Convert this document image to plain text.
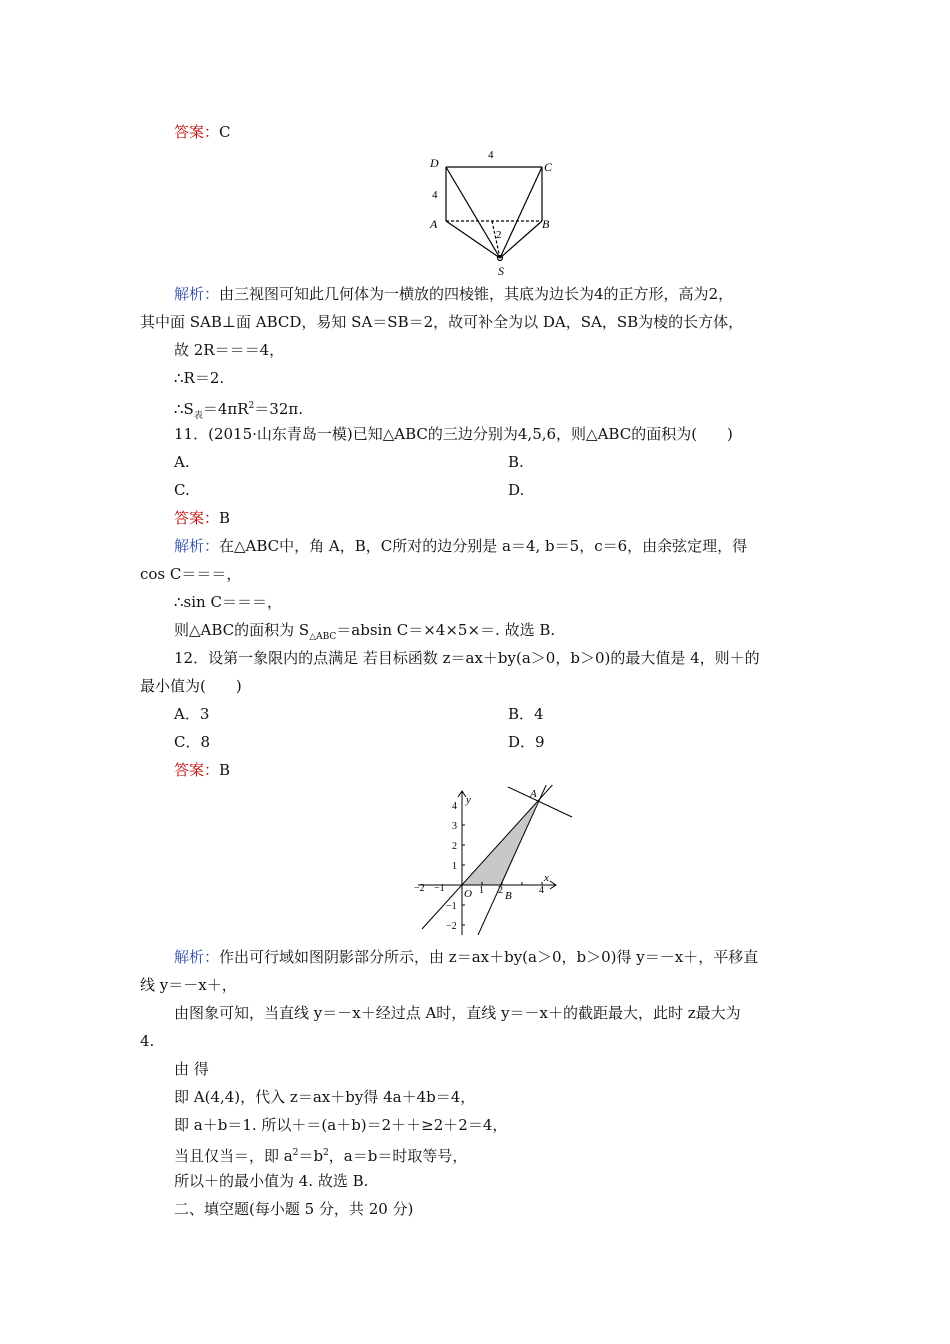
答案：C
D	C
A	B
S
4
4
2
解析：由三视图可知此几何体为一横放的四棱锥，其底为边长为4的正方形，高为2，
其中面 SAB⊥面 ABCD，易知 SA＝SB＝2，故可补全为以 DA，SA，SB为棱的长方体，
故 2R＝＝＝4，
∴R＝2.
$\therefore S_表=4\pi R^2=32\pi$.
11．(2015·山东青岛一模)已知△ABC的三边分别为4,5,6，则△ABC的面积为(　　)
A.	B.
C.	D.
答案：B
解析：在△ABC中，角 A，B，C所对的边分别是 a＝4, b＝5，c＝6，由余弦定理，得
cos C＝＝＝，
∴sin C＝＝＝，
则△ABC的面积为 $S_{\triangle ABC}=absin$ C＝×4×5×＝. 故选 B.
12．设第一象限内的点满足 若目标函数 z＝ax＋by(a＞0，b＞0)的最大值是 4，则＋的
最小值为(　　)
A．3	B．4
C．8	D．9
答案：B
y
x
O
A
B
−2 −1	1 2	4
4
3
2
1
−1
−2
解析：作出可行域如图阴影部分所示，由 z＝ax＋by(a＞0，b＞0)得 y＝－x＋，平移直
线 y＝－x＋，
由图象可知，当直线 y＝－x＋经过点 A时，直线 y＝－x＋的截距最大，此时 z最大为
4.
由 得
即 A(4,4)，代入 z＝ax＋by得 4a＋4b＝4，
即 a＋b＝1. 所以＋＝(a＋b)＝2＋＋≥2＋2＝4，
当且仅当＝，即 $a^2=b^2$，a＝b＝时取等号，
所以＋的最小值为 4. 故选 B.
二、填空题(每小题 5 分，共 20 分)
